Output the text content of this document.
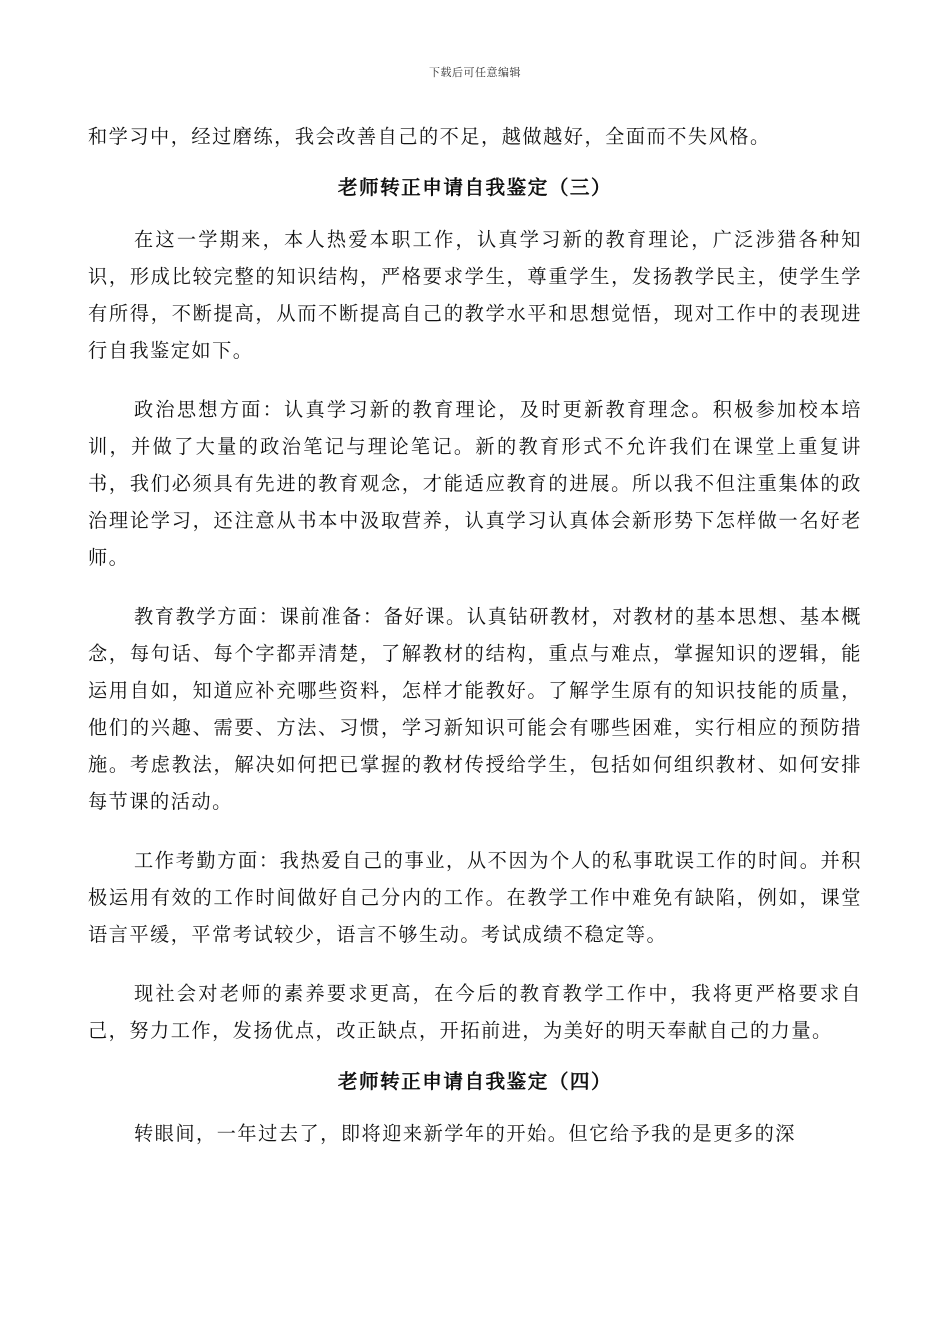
下载后可任意编辑

和学习中，经过磨练，我会改善自己的不足，越做越好，全面而不失风格。

老师转正申请自我鉴定（三）

在这一学期来，本人热爱本职工作，认真学习新的教育理论，广泛涉猎各种知识，形成比较完整的知识结构，严格要求学生，尊重学生，发扬教学民主，使学生学有所得，不断提高，从而不断提高自己的教学水平和思想觉悟，现对工作中的表现进行自我鉴定如下。

政治思想方面：认真学习新的教育理论，及时更新教育理念。积极参加校本培训，并做了大量的政治笔记与理论笔记。新的教育形式不允许我们在课堂上重复讲书，我们必须具有先进的教育观念，才能适应教育的进展。所以我不但注重集体的政治理论学习，还注意从书本中汲取营养，认真学习认真体会新形势下怎样做一名好老师。

教育教学方面：课前准备：备好课。认真钻研教材，对教材的基本思想、基本概念，每句话、每个字都弄清楚，了解教材的结构，重点与难点，掌握知识的逻辑，能运用自如，知道应补充哪些资料，怎样才能教好。了解学生原有的知识技能的质量，他们的兴趣、需要、方法、习惯，学习新知识可能会有哪些困难，实行相应的预防措施。考虑教法，解决如何把已掌握的教材传授给学生，包括如何组织教材、如何安排每节课的活动。

工作考勤方面：我热爱自己的事业，从不因为个人的私事耽误工作的时间。并积极运用有效的工作时间做好自己分内的工作。在教学工作中难免有缺陷，例如，课堂语言平缓，平常考试较少，语言不够生动。考试成绩不稳定等。

现社会对老师的素养要求更高，在今后的教育教学工作中，我将更严格要求自己，努力工作，发扬优点，改正缺点，开拓前进，为美好的明天奉献自己的力量。

老师转正申请自我鉴定（四）

转眼间，一年过去了，即将迎来新学年的开始。但它给予我的是更多的深
